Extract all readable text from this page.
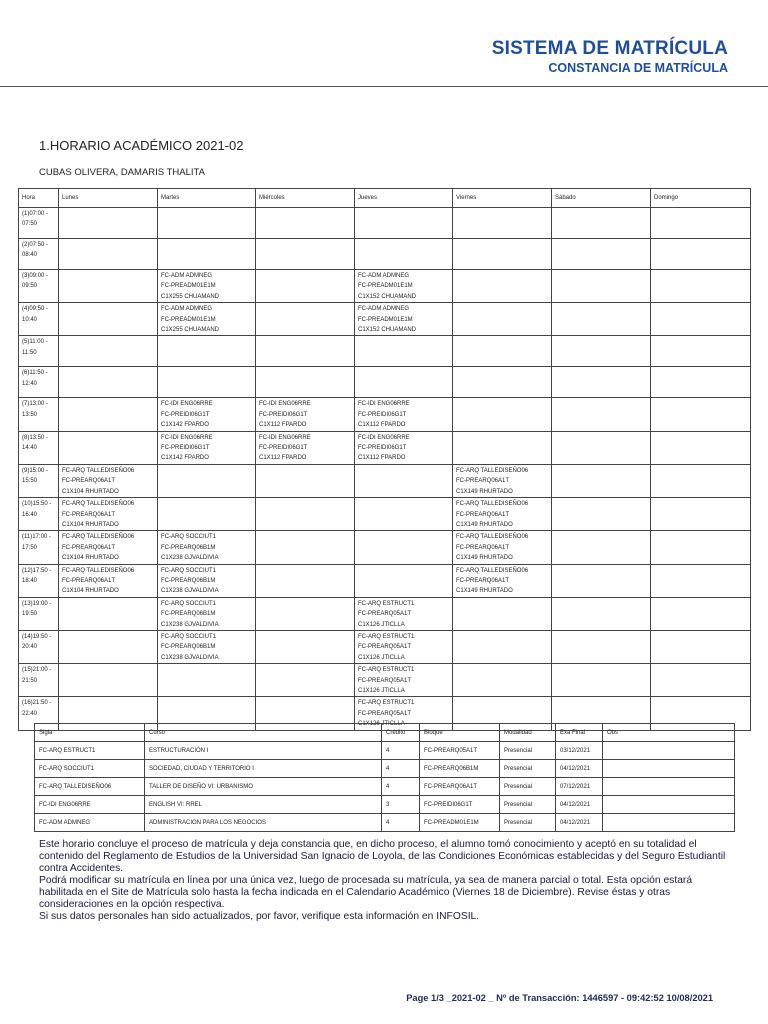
SISTEMA DE MATRÍCULA
CONSTANCIA DE MATRÍCULA
1.HORARIO ACADÉMICO 2021-02
CUBAS OLIVERA, DAMARIS THALITA
Hora	Lunes	Martes	Miércoles	Jueves	Viernes	Sábado	Domingo
(1)07:00 - 07:50							
(2)07:50 - 08:40							
(3)09:00 - 09:50		FC-ADM ADMNEG
FC-PREADM01E1M
C1X255 CHUAMAND		FC-ADM ADMNEG
FC-PREADM01E1M
C1X152 CHUAMAND			

(4)09:50 - 10:40		FC-ADM ADMNEG
FC-PREADM01E1M
C1X255 CHUAMAND		FC-ADM ADMNEG
FC-PREADM01E1M
C1X152 CHUAMAND			

(5)11:00 - 11:50							
(6)11:50 - 12:40							
(7)13:00 - 13:50		FC-IDI ENG06RRE
FC-PREIDI06G1T
C1X142 FPARDO	FC-IDI ENG06RRE
FC-PREIDI06G1T
C1X112 FPARDO	FC-IDI ENG06RRE
FC-PREIDI06G1T
C1X112 FPARDO			

(8)13:50 - 14:40		FC-IDI ENG06RRE
FC-PREIDI06G1T
C1X142 FPARDO	FC-IDI ENG06RRE
FC-PREIDI06G1T
C1X112 FPARDO	FC-IDI ENG06RRE
FC-PREIDI06G1T
C1X112 FPARDO			

(9)15:00 - 15:50	FC-ARQ TALLEDISEÑO06
FC-PREARQ06A1T
C1X104 RHURTADO				FC-ARQ TALLEDISEÑO06
FC-PREARQ06A1T
C1X149 RHURTADO		

(10)15:50 - 16:40	FC-ARQ TALLEDISEÑO06
FC-PREARQ06A1T
C1X104 RHURTADO				FC-ARQ TALLEDISEÑO06
FC-PREARQ06A1T
C1X149 RHURTADO		

(11)17:00 - 17:50	FC-ARQ TALLEDISEÑO06
FC-PREARQ06A1T
C1X104 RHURTADO	FC-ARQ SOCCIUT1
FC-PREARQ06B1M
C1X238 GJVALDIVIA			FC-ARQ TALLEDISEÑO06
FC-PREARQ06A1T
C1X149 RHURTADO		

(12)17:50 - 18:40	FC-ARQ TALLEDISEÑO06
FC-PREARQ06A1T
C1X104 RHURTADO	FC-ARQ SOCCIUT1
FC-PREARQ06B1M
C1X238 GJVALDIVIA			FC-ARQ TALLEDISEÑO06
FC-PREARQ06A1T
C1X149 RHURTADO		

(13)19:00 - 19:50		FC-ARQ SOCCIUT1
FC-PREARQ06B1M
C1X238 GJVALDIVIA		FC-ARQ ESTRUCT1
FC-PREARQ05A1T
C1X126 JTICLLA			

(14)19:50 - 20:40		FC-ARQ SOCCIUT1
FC-PREARQ06B1M
C1X238 GJVALDIVIA		FC-ARQ ESTRUCT1
FC-PREARQ05A1T
C1X126 JTICLLA			

(15)21:00 - 21:50				FC-ARQ ESTRUCT1
FC-PREARQ05A1T
C1X126 JTICLLA			

(16)21:50 - 22:40				FC-ARQ ESTRUCT1
FC-PREARQ05A1T
C1X126 JTICLLA			

Sigla	Curso	Crédito	Bloque	Modalidad	Exa Final	Obs
FC-ARQ ESTRUCT1	ESTRUCTURACIÓN I	4	FC-PREARQ05A1T	Presencial	03/12/2021	
FC-ARQ SOCCIUT1	SOCIEDAD, CIUDAD Y TERRITORIO I	4	FC-PREARQ06B1M	Presencial	04/12/2021	
FC-ARQ TALLEDISEÑO06	TALLER DE DISEÑO VI: URBANISMO	4	FC-PREARQ06A1T	Presencial	07/12/2021	
FC-IDI ENG06RRE	ENGLISH VI: RREL	3	FC-PREIDI06G1T	Presencial	04/12/2021	
FC-ADM ADMNEG	ADMINISTRACION PARA LOS NEGOCIOS	4	FC-PREADM01E1M	Presencial	04/12/2021	

Este horario concluye el proceso de matrícula y deja constancia que, en dicho proceso, el alumno tomó conocimiento y aceptó en su totalidad el contenido del Reglamento de Estudios de la Universidad San Ignacio de Loyola, de las Condiciones Económicas establecidas y del Seguro Estudiantil contra Accidentes.

Podrá modificar su matrícula en línea por una única vez, luego de procesada su matrícula, ya sea de manera parcial o total. Esta opción estará habilitada en el Site de Matrícula solo hasta la fecha indicada en el Calendario Académico (Viernes 18 de Diciembre). Revise éstas y otras consideraciones en la opción respectiva.

Si sus datos personales han sido actualizados, por favor, verifique esta información en INFOSIL.

Page 1/3 _2021-02 _ Nº de Transacción: 1446597 - 09:42:52 10/08/2021
